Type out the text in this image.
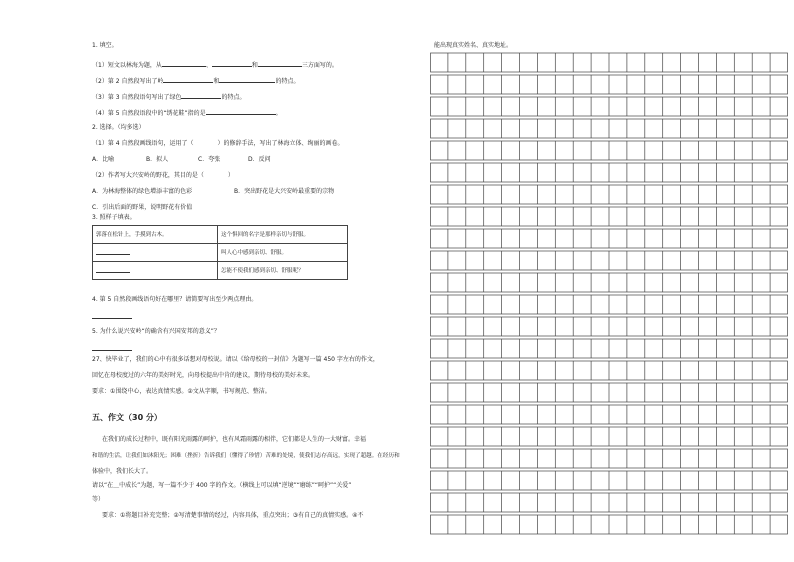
1. 填空。
（1）短文以林海为题，从	、	和	三方面写的。
（2）第 2 自然段写出了岭	和	的特点。
（3）第 3 自然段语句写出了绿色	的特点。
（4）第 5 自然段语段中的“绣花鞋”指的是	。
2. 选择。（均多选）
（1）第 4 自然段画线语句，运用了（　　　　）的修辞手法，写出了林海立体、绚丽的画卷。
A．比喻	B．拟人	C．夸张	D．反问
（2）作者写大兴安岭的野花，其目的是（　　　　）
A．为林海整体的绿色增添丰富的色彩	B．突出野花是大兴安岭最重要的宗物
C．引出后面的野果，说明野花有价值
3. 照样子填表。
郭落在松针上，手摸到古木。	这个惧回的名字是那样亲切与舒服。
	叫人心中感到亲切、舒服。
	怎能不使我们感到亲切、舒服呢？
4. 第 5 自然段画线语句好在哪里？请简要写出至少两点理由。
5. 为什么说兴安岭“的确含有兴国安邦的意义”？
27、快毕业了，我们的心中有很多话想对母校说。请以《给母校的一封信》为题写一篇 450 字左右的作文，
回忆在母校度过的六年的美好时光，向母校提出中肯的建议，期待母校的美好未来。
要求：①围绕中心，表达真情实感。②文从字顺，书写规范、整洁。
五、作文（30 分）
在我们的成长过程中，既有阳光雨露的呵护，也有风霜雨露的相伴，它们都是人生的一大财富。幸福
和谐的生活，让我们如沐阳光；困难（挫折）告诉我们（懂得了珍惜）苦难的处境，使我们志存高远，实现了超越。在经历和
体验中，我们长大了。
请以“在＿中成长”为题，写一篇不少于 400 字的作文。（横线上可以填“逆境”“磨练”“呵护”“关爱”
等）
要求：①将题目补充完整；②写清楚事情的经过，内容具体，重点突出；③有自己的真情实感。④不
能出现真实姓名、真实地址。
